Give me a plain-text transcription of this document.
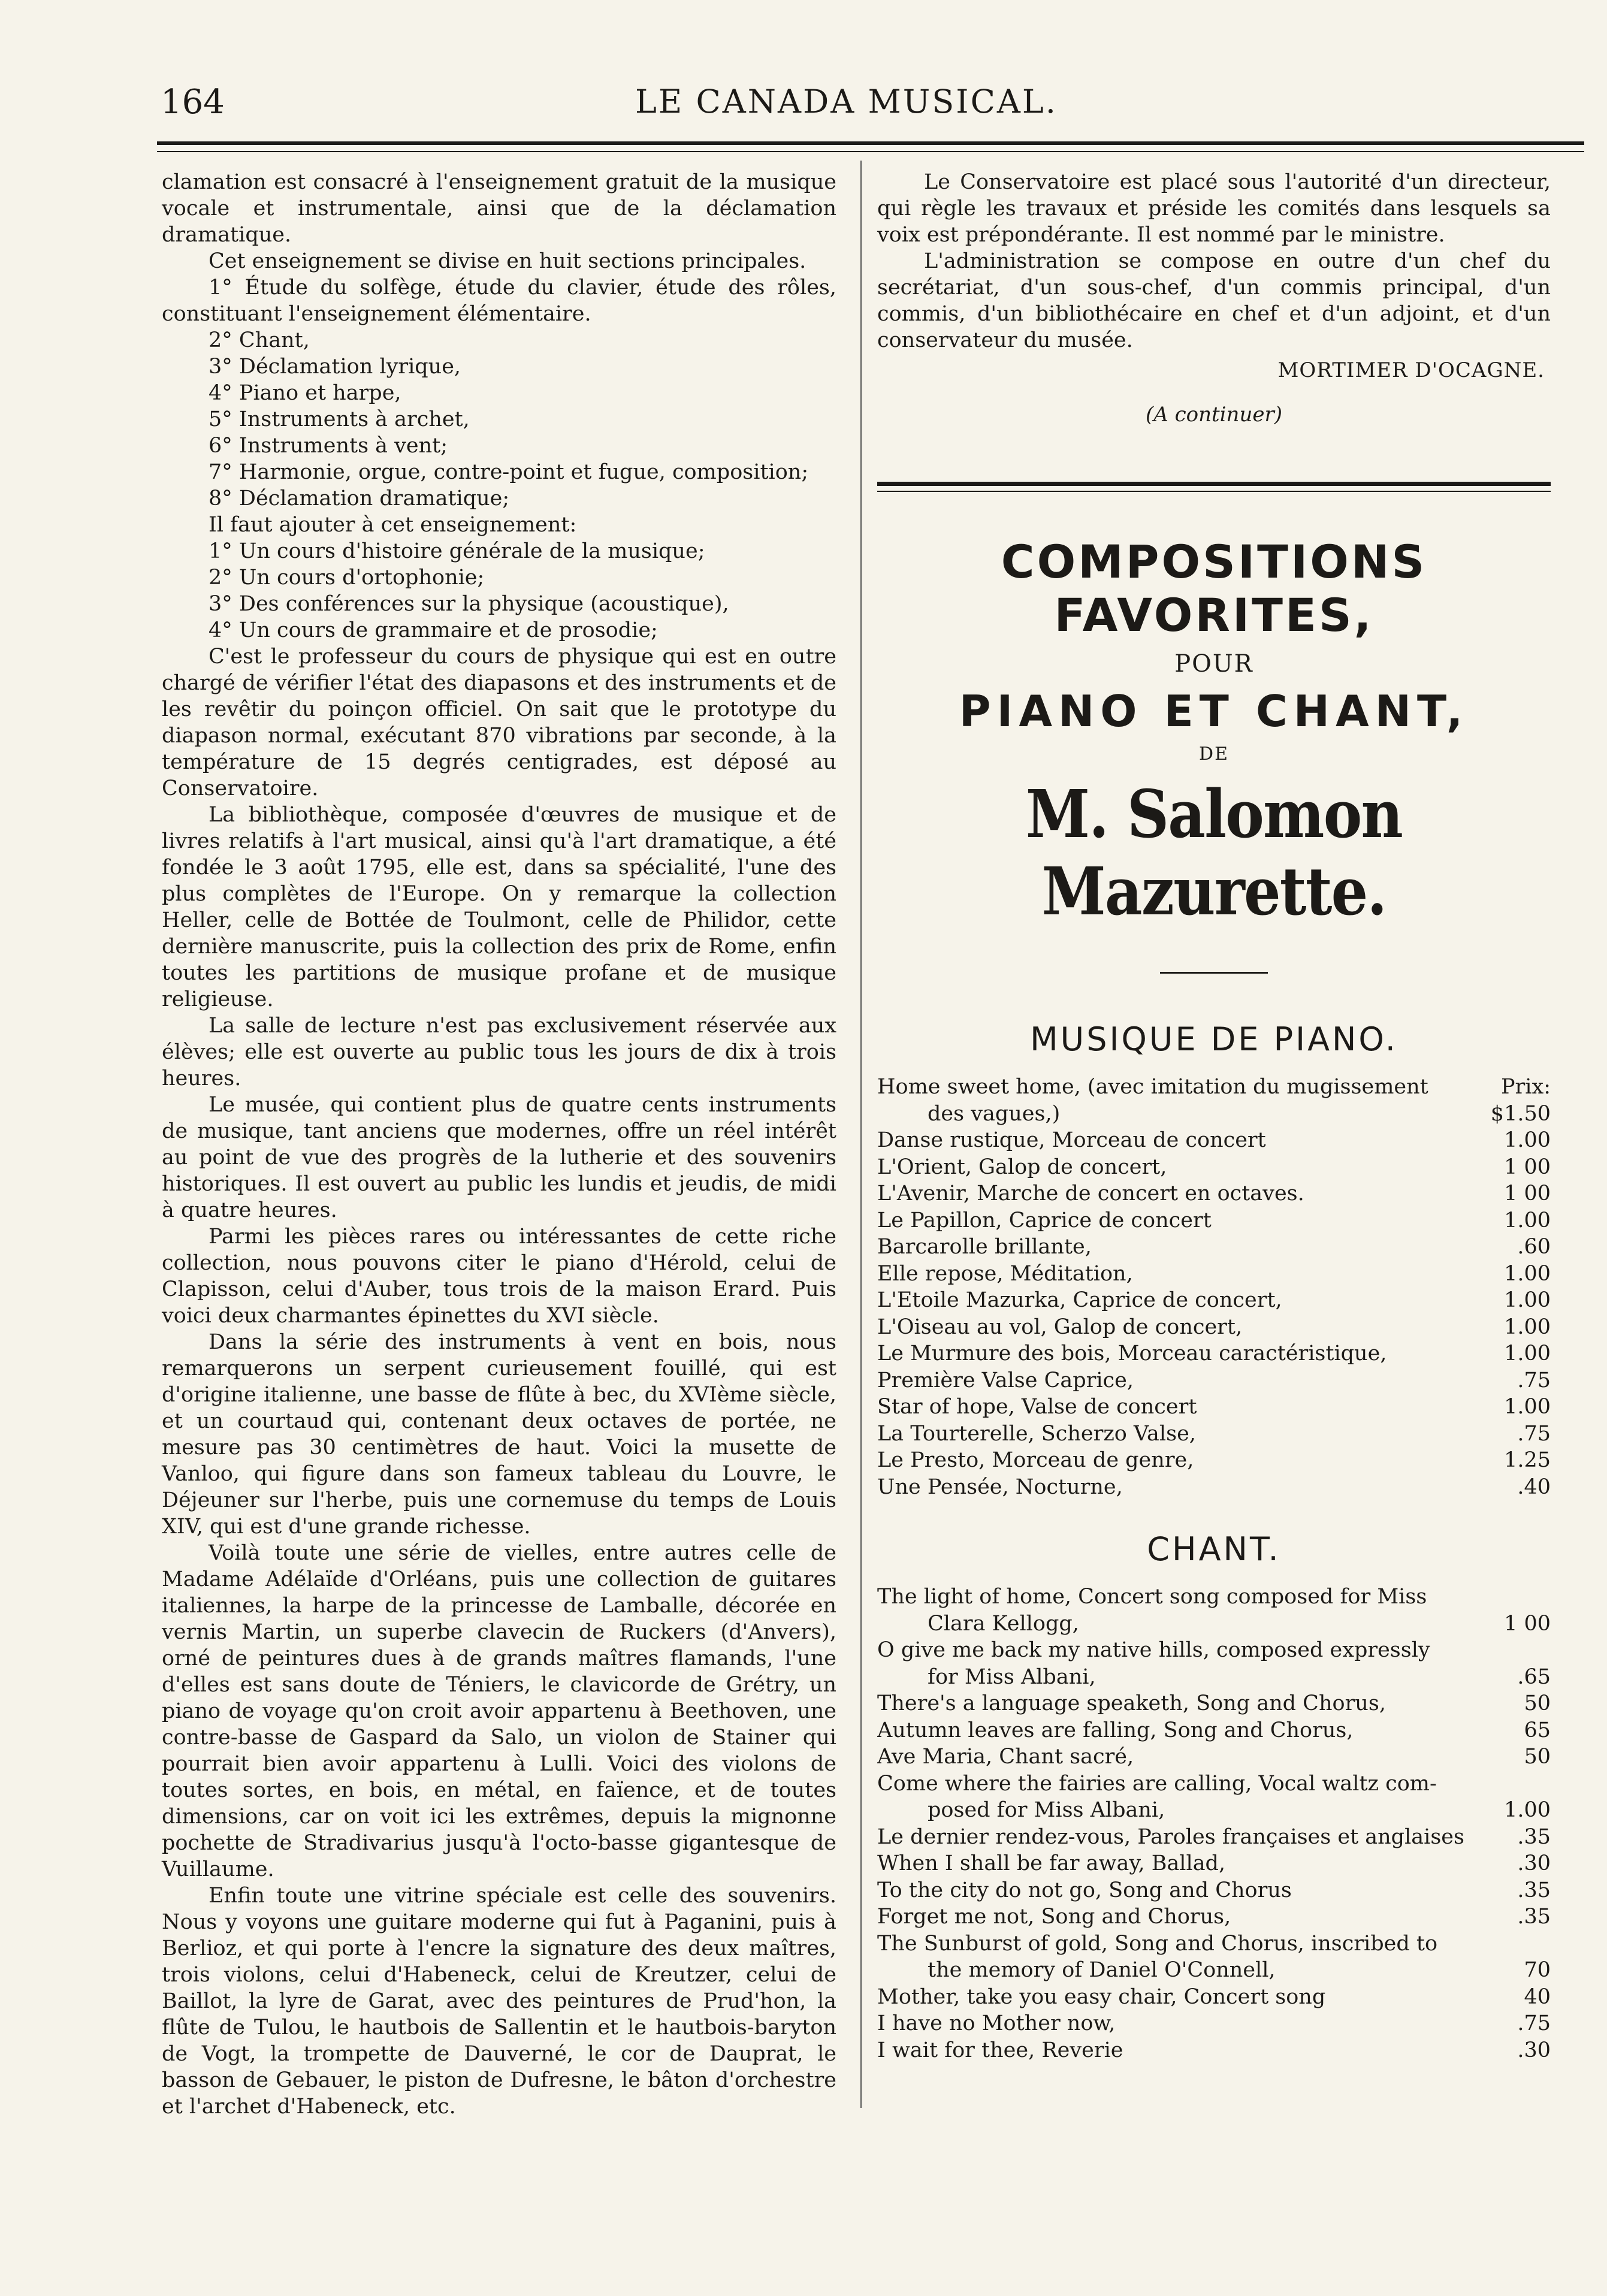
164	LE CANADA MUSICAL.

clamation est consacré à l'enseignement gratuit de la musique vocale et instrumentale, ainsi que de la déclamation dramatique.

Cet enseignement se divise en huit sections principales.

1° Étude du solfège, étude du clavier, étude des rôles, constituant l'enseignement élémentaire.

2° Chant,

3° Déclamation lyrique,

4° Piano et harpe,

5° Instruments à archet,

6° Instruments à vent;

7° Harmonie, orgue, contre-point et fugue, composition;

8° Déclamation dramatique;

Il faut ajouter à cet enseignement:

1° Un cours d'histoire générale de la musique;

2° Un cours d'ortophonie;

3° Des conférences sur la physique (acoustique),

4° Un cours de grammaire et de prosodie;

C'est le professeur du cours de physique qui est en outre chargé de vérifier l'état des diapasons et des instruments et de les revêtir du poinçon officiel. On sait que le prototype du diapason normal, exécutant 870 vibrations par seconde, à la température de 15 degrés centigrades, est déposé au Conservatoire.

La bibliothèque, composée d'œuvres de musique et de livres relatifs à l'art musical, ainsi qu'à l'art dramatique, a été fondée le 3 août 1795, elle est, dans sa spécialité, l'une des plus complètes de l'Europe. On y remarque la collection Heller, celle de Bottée de Toulmont, celle de Philidor, cette dernière manuscrite, puis la collection des prix de Rome, enfin toutes les partitions de musique profane et de musique religieuse.

La salle de lecture n'est pas exclusivement réservée aux élèves; elle est ouverte au public tous les jours de dix à trois heures.

Le musée, qui contient plus de quatre cents instruments de musique, tant anciens que modernes, offre un réel intérêt au point de vue des progrès de la lutherie et des souvenirs historiques. Il est ouvert au public les lundis et jeudis, de midi à quatre heures.

Parmi les pièces rares ou intéressantes de cette riche collection, nous pouvons citer le piano d'Hérold, celui de Clapisson, celui d'Auber, tous trois de la maison Erard. Puis voici deux charmantes épinettes du XVI siècle.

Dans la série des instruments à vent en bois, nous remarquerons un serpent curieusement fouillé, qui est d'origine italienne, une basse de flûte à bec, du XVIème siècle, et un courtaud qui, contenant deux octaves de portée, ne mesure pas 30 centimètres de haut. Voici la musette de Vanloo, qui figure dans son fameux tableau du Louvre, le Déjeuner sur l'herbe, puis une cornemuse du temps de Louis XIV, qui est d'une grande richesse.

Voilà toute une série de vielles, entre autres celle de Madame Adélaïde d'Orléans, puis une collection de guitares italiennes, la harpe de la princesse de Lamballe, décorée en vernis Martin, un superbe clavecin de Ruckers (d'Anvers), orné de peintures dues à de grands maîtres flamands, l'une d'elles est sans doute de Téniers, le clavicorde de Grétry, un piano de voyage qu'on croit avoir appartenu à Beethoven, une contre-basse de Gaspard da Salo, un violon de Stainer qui pourrait bien avoir appartenu à Lulli. Voici des violons de toutes sortes, en bois, en métal, en faïence, et de toutes dimensions, car on voit ici les extrêmes, depuis la mignonne pochette de Stradivarius jusqu'à l'octo-basse gigantesque de Vuillaume.

Enfin toute une vitrine spéciale est celle des souvenirs. Nous y voyons une guitare moderne qui fut à Paganini, puis à Berlioz, et qui porte à l'encre la signature des deux maîtres, trois violons, celui d'Habeneck, celui de Kreutzer, celui de Baillot, la lyre de Garat, avec des peintures de Prud'hon, la flûte de Tulou, le hautbois de Sallentin et le hautbois-baryton de Vogt, la trompette de Dauverné, le cor de Dauprat, le basson de Gebauer, le piston de Dufresne, le bâton d'orchestre et l'archet d'Habeneck, etc.

Le Conservatoire est placé sous l'autorité d'un directeur, qui règle les travaux et préside les comités dans lesquels sa voix est prépondérante. Il est nommé par le ministre.

L'administration se compose en outre d'un chef du secrétariat, d'un sous-chef, d'un commis principal, d'un commis, d'un bibliothécaire en chef et d'un adjoint, et d'un conservateur du musée.

MORTIMER D'OCAGNE.
(A continuer)
COMPOSITIONS FAVORITES,
POUR
PIANO ET CHANT,
DE
M. Salomon Mazurette.
MUSIQUE DE PIANO.
Home sweet home, (avec imitation du mugissement	Prix:
des vagues,)	$1.50
Danse rustique, Morceau de concert	1.00
L'Orient, Galop de concert,	1 00
L'Avenir, Marche de concert en octaves.	1 00
Le Papillon, Caprice de concert	1.00
Barcarolle brillante,	.60
Elle repose, Méditation,	1.00
L'Etoile Mazurka, Caprice de concert,	1.00
L'Oiseau au vol, Galop de concert,	1.00
Le Murmure des bois, Morceau caractéristique,	1.00
Première Valse Caprice,	.75
Star of hope, Valse de concert	1.00
La Tourterelle, Scherzo Valse,	.75
Le Presto, Morceau de genre,	1.25
Une Pensée, Nocturne,	.40
CHANT.
The light of home, Concert song composed for Miss
Clara Kellogg,	1 00
O give me back my native hills, composed expressly
for Miss Albani,	.65
There's a language speaketh, Song and Chorus,	50
Autumn leaves are falling, Song and Chorus,	65
Ave Maria, Chant sacré,	50
Come where the fairies are calling, Vocal waltz com-
posed for Miss Albani,	1.00
Le dernier rendez-vous, Paroles françaises et anglaises	.35
When I shall be far away, Ballad,	.30
To the city do not go, Song and Chorus	.35
Forget me not, Song and Chorus,	.35
The Sunburst of gold, Song and Chorus, inscribed to
the memory of Daniel O'Connell,	70
Mother, take you easy chair, Concert song	40
I have no Mother now,	.75
I wait for thee, Reverie	.30
